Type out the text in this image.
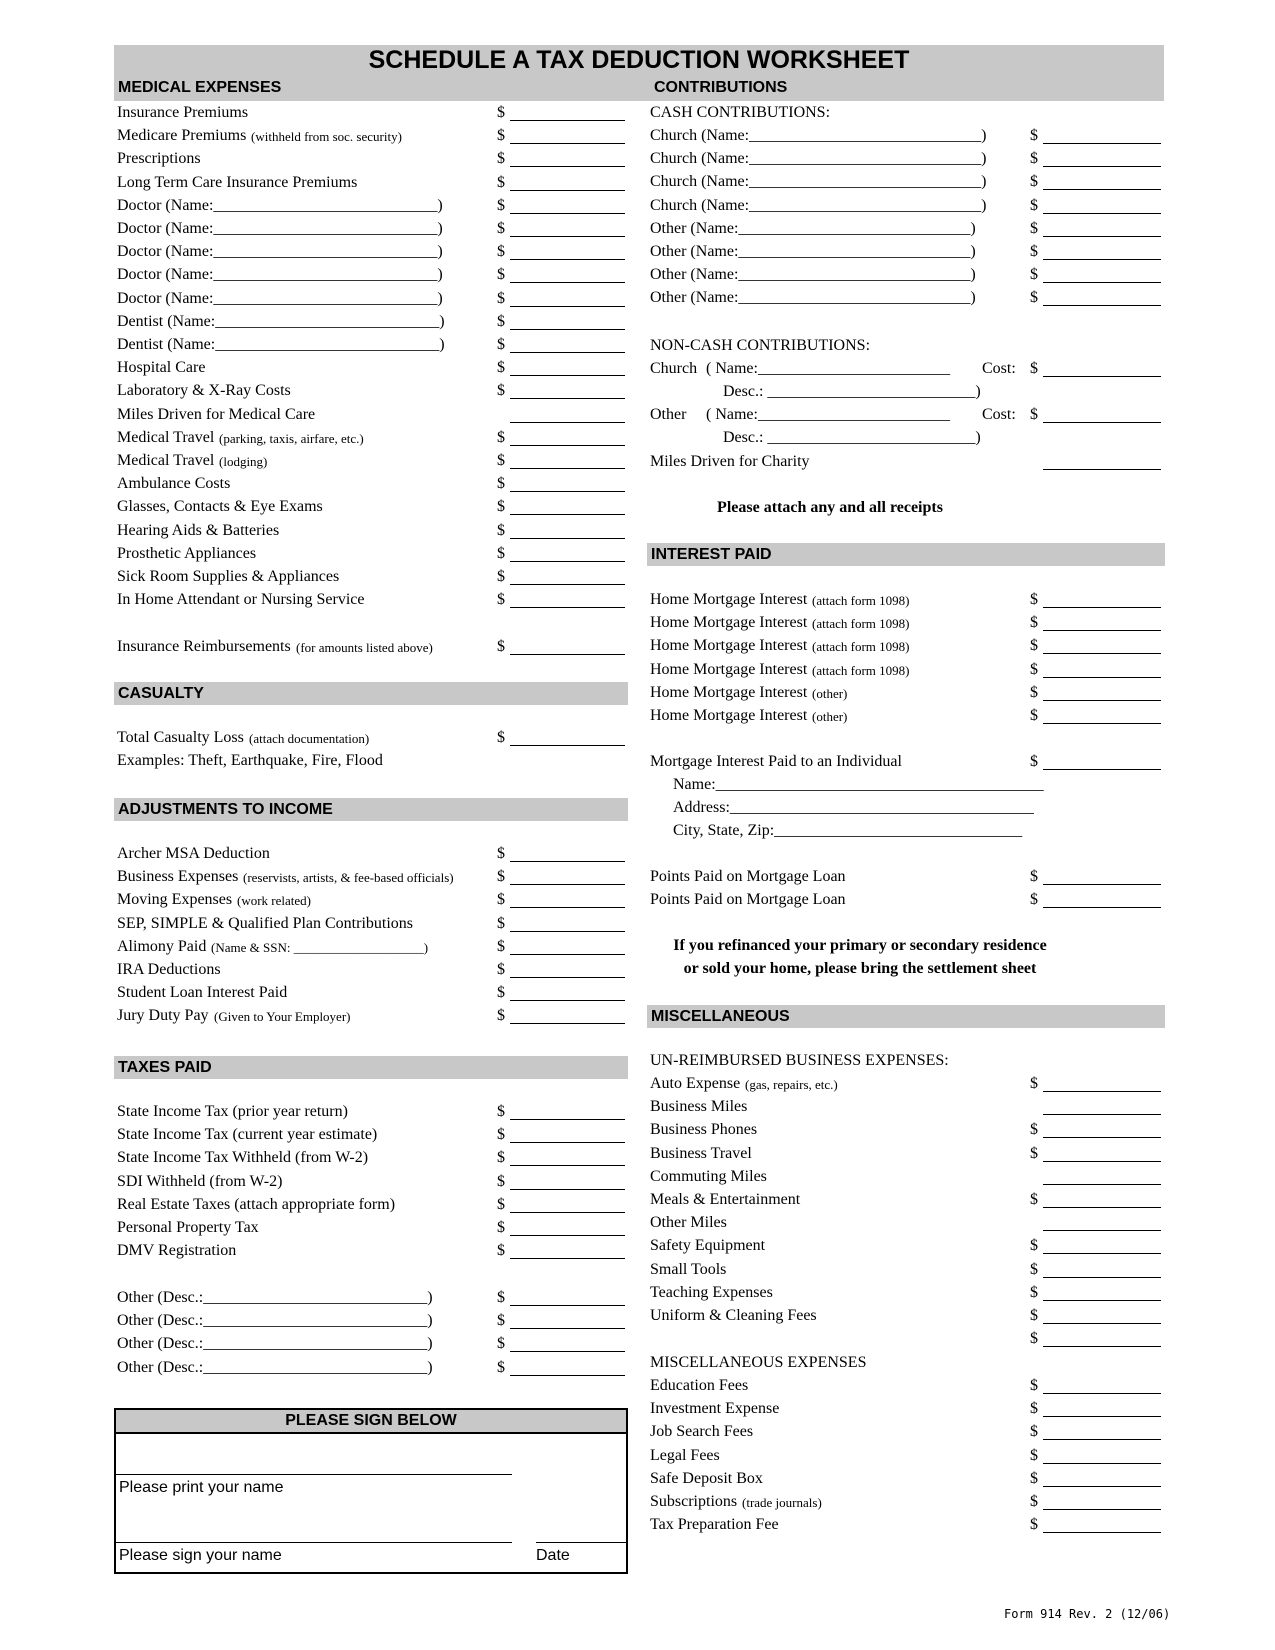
SCHEDULE A TAX DEDUCTION WORKSHEET
MEDICAL EXPENSES	CONTRIBUTIONS
Insurance Premiums	$
Medicare Premiums (withheld from soc. security)	$
Prescriptions	$
Long Term Care Insurance Premiums	$
Doctor (Name:____________________________)	$
Doctor (Name:____________________________)	$
Doctor (Name:____________________________)	$
Doctor (Name:____________________________)	$
Doctor (Name:____________________________)	$
Dentist (Name:____________________________)	$
Dentist (Name:____________________________)	$
Hospital Care	$
Laboratory & X-Ray Costs	$
Miles Driven for Medical Care
Medical Travel (parking, taxis, airfare, etc.)	$
Medical Travel (lodging)	$
Ambulance Costs	$
Glasses, Contacts & Eye Exams	$
Hearing Aids & Batteries	$
Prosthetic Appliances	$
Sick Room Supplies & Appliances	$
In Home Attendant or Nursing Service	$
Insurance Reimbursements (for amounts listed above)	$
CASUALTY
Total Casualty Loss (attach documentation)	$
Examples: Theft, Earthquake, Fire, Flood
ADJUSTMENTS TO INCOME
Archer MSA Deduction	$
Business Expenses (reservists, artists, & fee-based officials)	$
Moving Expenses (work related)	$
SEP, SIMPLE & Qualified Plan Contributions	$
Alimony Paid (Name & SSN: ____________________)	$
IRA Deductions	$
Student Loan Interest Paid	$
Jury Duty Pay (Given to Your Employer)	$
TAXES PAID
State Income Tax (prior year return)	$
State Income Tax (current year estimate)	$
State Income Tax Withheld (from W-2)	$
SDI Withheld (from W-2)	$
Real Estate Taxes (attach appropriate form)	$
Personal Property Tax	$
DMV Registration	$
Other (Desc.:____________________________)	$
Other (Desc.:____________________________)	$
Other (Desc.:____________________________)	$
Other (Desc.:____________________________)	$
CASH CONTRIBUTIONS:
Church (Name:_____________________________)	$
Church (Name:_____________________________)	$
Church (Name:_____________________________)	$
Church (Name:_____________________________)	$
Other (Name:_____________________________)	$
Other (Name:_____________________________)	$
Other (Name:_____________________________)	$
Other (Name:_____________________________)	$
NON-CASH CONTRIBUTIONS:
Church ( Name:________________________ Cost: $
Desc.: __________________________)
Other ( Name:________________________ Cost: $
Desc.: __________________________)
Miles Driven for Charity
Please attach any and all receipts
INTEREST PAID
Home Mortgage Interest (attach form 1098)	$
Home Mortgage Interest (attach form 1098)	$
Home Mortgage Interest (attach form 1098)	$
Home Mortgage Interest (attach form 1098)	$
Home Mortgage Interest (other)	$
Home Mortgage Interest (other)	$
Mortgage Interest Paid to an Individual	$
Name:_________________________________________
Address:______________________________________
City, State, Zip:_______________________________
Points Paid on Mortgage Loan	$
Points Paid on Mortgage Loan	$
If you refinanced your primary or secondary residence
or sold your home, please bring the settlement sheet
MISCELLANEOUS
UN-REIMBURSED BUSINESS EXPENSES:
Auto Expense (gas, repairs, etc.)	$
Business Miles
Business Phones	$
Business Travel	$
Commuting Miles
Meals & Entertainment	$
Other Miles
Safety Equipment	$
Small Tools	$
Teaching Expenses	$
Uniform & Cleaning Fees	$
$
MISCELLANEOUS EXPENSES
Education Fees	$
Investment Expense	$
Job Search Fees	$
Legal Fees	$
Safe Deposit Box	$
Subscriptions (trade journals)	$
Tax Preparation Fee	$
PLEASE SIGN BELOW
Please print your name
Please sign your name	Date
Form 914 Rev. 2 (12/06)
